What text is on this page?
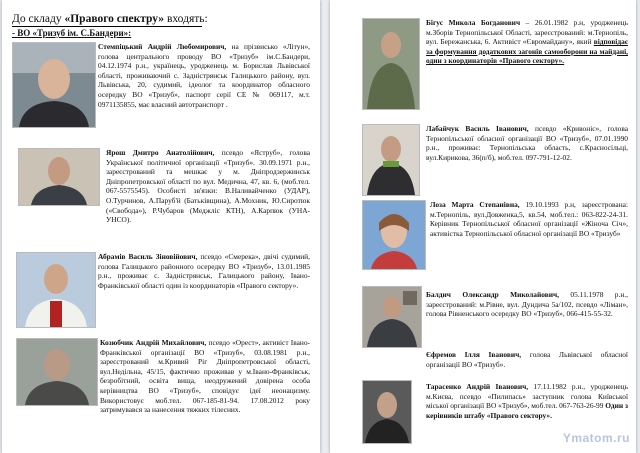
До складу «Правого спектру» входять:
- ВО «Тризуб ім. С.Бандери»:
Стемпіцький Андрій Любомирович, на прізвисько «Літун», голова центрального проводу ВО «Тризуб» ім.С.Бандери, 04.12.1974 р.н., українець, уродженець м. Борислав Львівської області, проживаючий с. Задністрянськ Галицького району, вул. Львівська, 20, судимий, ідеолог та координатор обласного осередку ВО «Тризуб», паспорт серії СЕ № 069117, м.т. 0971135855, має власний автотранспорт .
Ярош Дмитро Анатолійович, псевдо «Яструб», голова Української політичної організації «Тризуб». 30.09.1971 р.н., зареєстрований та мешкає у м. Дніпродзержинськ Дніпропетровської області по вул. Медична, 47, кв. 6, (моб.тел. 067-5575545). Особисті зв'язки: В.Наливайченко (УДАР), О.Турчинов, А.Паруб'й (Батьківщина), А.Мохник, Ю.Сиротюк («Свобода»), Р.Чубаров (Меджліс КТН), А.Карпюк (УНА-УНСО).
Абрамів Василь Зіновійович, псевдо «Смерека», двічі судимий, голова Галицького районного осередку ВО «Тризуб», 13.01.1985 р.н., проживає с. Задністрянськ, Галицького району, Івано-Франківської області один із координаторів «Правого сектору».
Козюбчик Андрій Михайлович, псевдо «Орест», активіст Івано-Франківської організації ВО «Тризуб», 03.08.1981 р.н., зареєстрований м.Кривий Ріг Дніпропетровської області, вул.Недільна, 45/15, фактично проживав у м.Івано-Франківськ, безробітний, освіта вища, неодружений довірена особа керівництва ВО «Тризуб», сповідує ідеї неонацизму. Використовує моб.тел. 067-185-81-94. 17.08.2012 року затримувався за нанесення тяжких тілесних.
Бігус Микола Богданович – 26.01.1982 р.н, уродженець м.Зборів Тернопільської Області, зареєстрований: м.Тернопіль, вул. Бережанська, 6. Активіст «Євромайдану», який відповідає за формування додаткових загонів самооборони на майдані, один з координаторів «Правого сектору».
Лабайчук Василь Іванович, псевдо «Кривоніс», голова Тернопільської обласної організації ВО «Тризуб», 07.01.1990 р.н., проживає: Тернопільська область, с.Красносільці, вул.Кирикова, 36(п/б), моб.тел. 097-791-12-02.
Лоза Марта Степанівна, 19.10.1993 р.н, зареєстрована: м.Тернопіль, вул.Довженка,5, кв.54, моб.тел.: 063-822-24-31. Керівник Тернопільської обласної організації «Жіноча Січ», активістка Тернопільської обласної організації ВО «Тризуб»
Балдич Олександр Миколайович, 05.11.1978 р.н., зареєстрований: м.Рівне, вул. Дундича 5а/102, псевдо «Ліман», голова Рівненського осередку ВО «Тризуб», 066-415-55-32.
Єфремов Ілля Іванович, голова Львівської обласної організації ВО «Тризуб».
Тарасенко Андрій Іванович, 17.11.1982 р.н., уродженець м.Києва, псевдо «Пилипась» заступник голова Київської міської організації ВО «Тризуб», моб.тел. 067-763-26-99 Один з керівників штабу «Правого сектору».
Ymatom.ru
